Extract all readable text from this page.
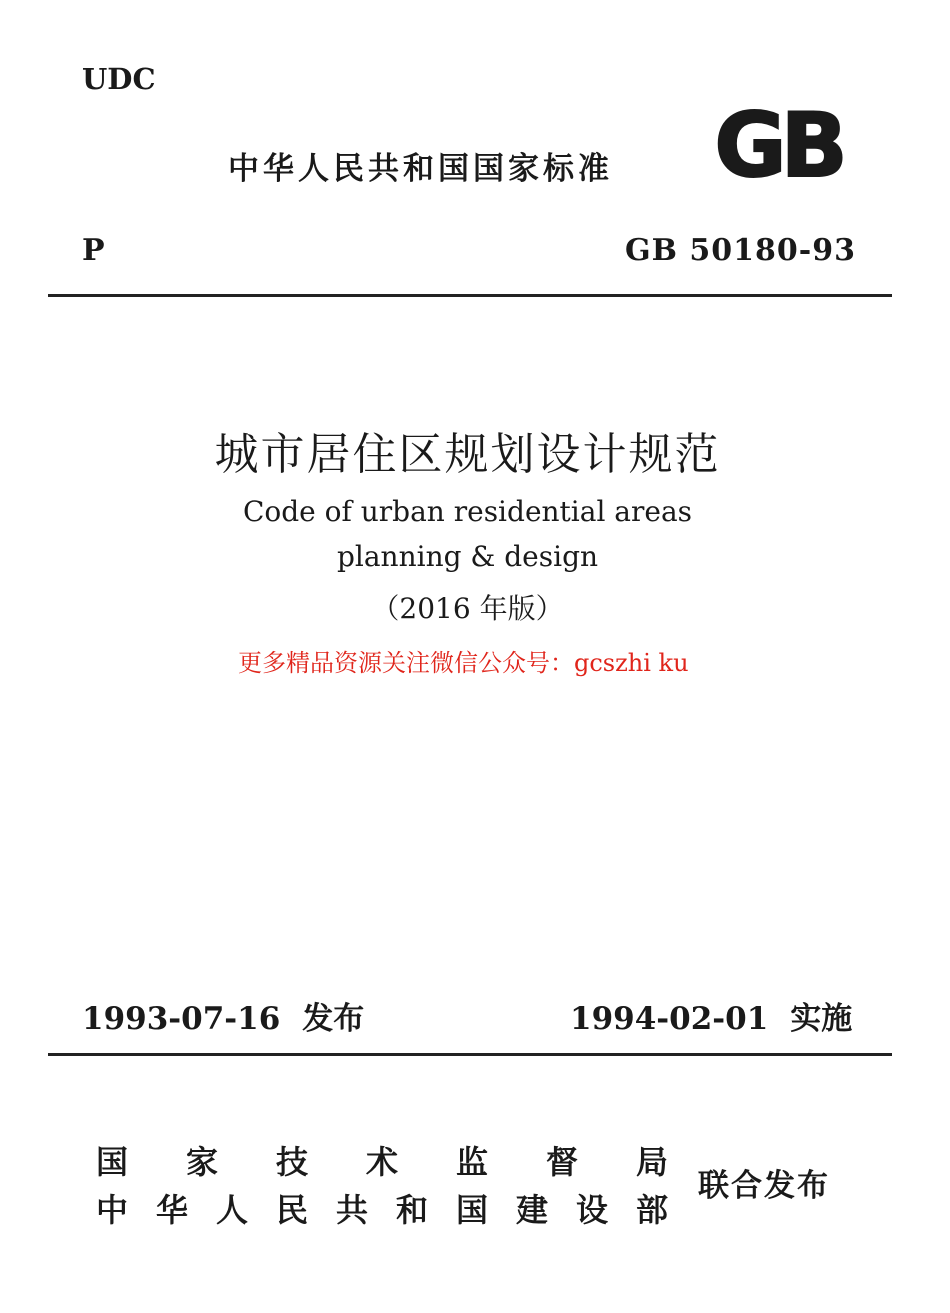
UDC
中华人民共和国国家标准 GB
P	GB 50180-93
城市居住区规划设计规范
Code of urban residential areas
planning & design
（2016 年版）
更多精品资源关注微信公众号：gcszhi ku
1993-07-16 发布	1994-02-01 实施
国 家 技 术 监 督 局
中 华 人 民 共 和 国 建 设 部
联合发布
